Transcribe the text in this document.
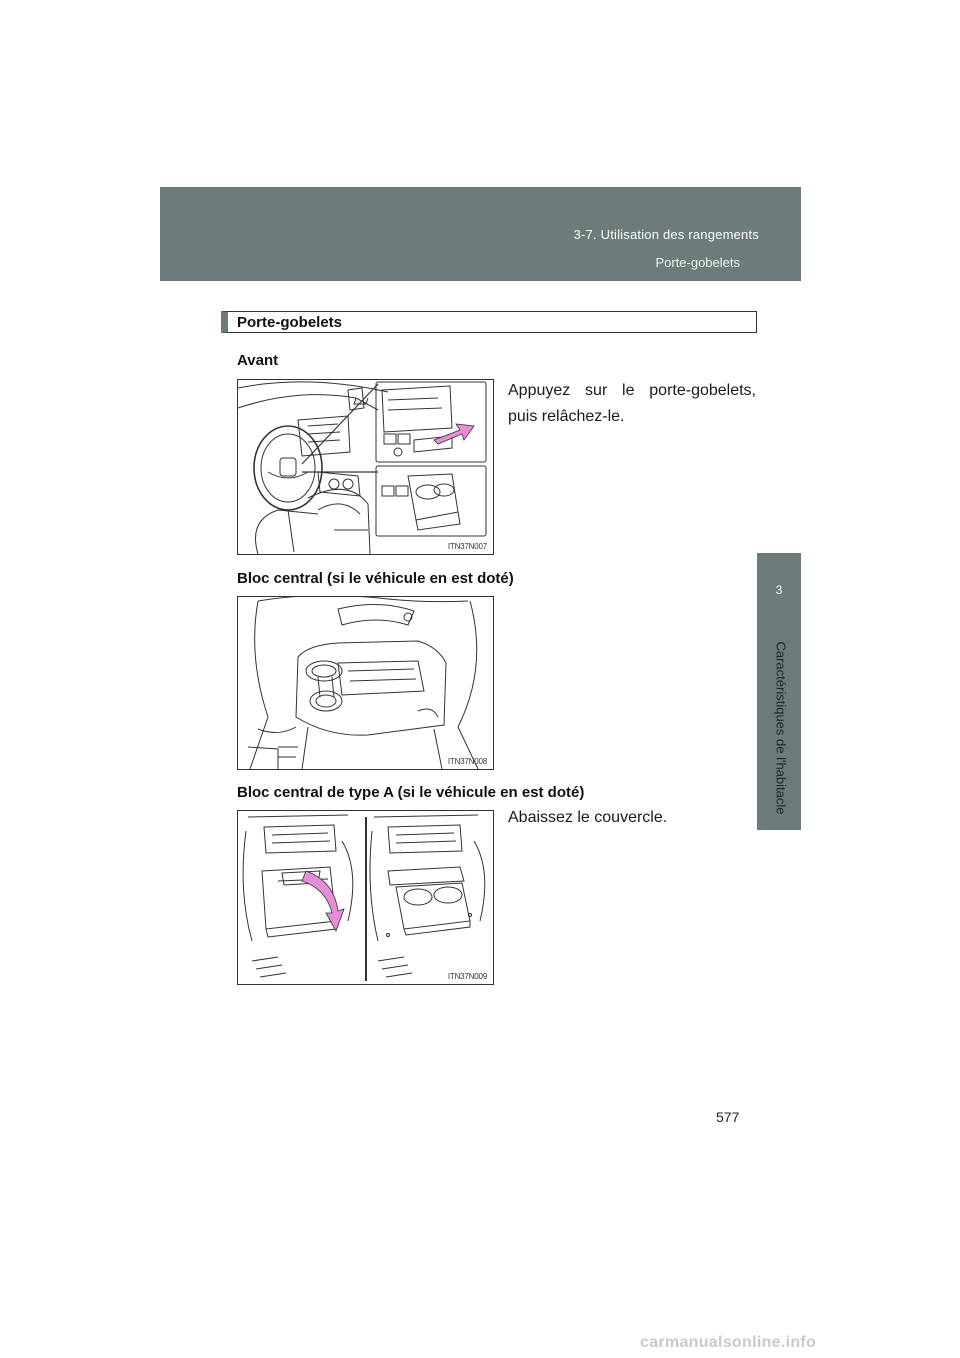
3-7. Utilisation des rangements
Porte-gobelets
3
Caractéristiques de l'habitacle
Porte-gobelets
Avant
Appuyez sur le porte-gobelets, puis relâchez-le.
ITN37N007
Bloc central (si le véhicule en est doté)
ITN37N008
Bloc central de type A (si le véhicule en est doté)
Abaissez le couvercle.
ITN37N009
577
carmanualsonline.info
